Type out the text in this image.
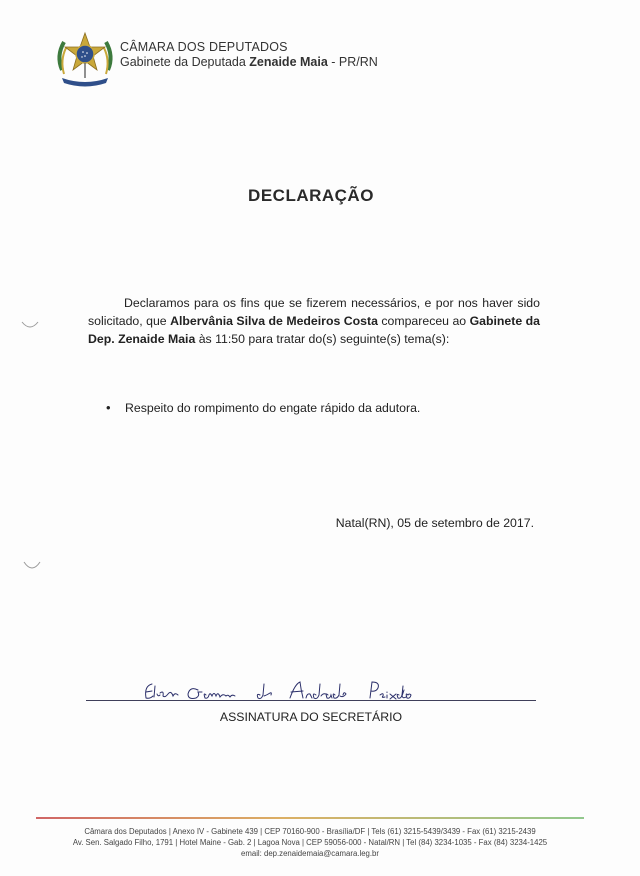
CÂMARA DOS DEPUTADOS
Gabinete da Deputada Zenaide Maia - PR/RN
DECLARAÇÃO

Declaramos para os fins que se fizerem necessários, e por nos haver sido solicitado, que Albervânia Silva de Medeiros Costa compareceu ao Gabinete da Dep. Zenaide Maia às 11:50 para tratar do(s) seguinte(s) tema(s):

• Respeito do rompimento do engate rápido da adutora.
Natal(RN), 05 de setembro de 2017.
ASSINATURA DO SECRETÁRIO
Câmara dos Deputados | Anexo IV - Gabinete 439 | CEP 70160-900 - Brasília/DF | Tels (61) 3215-5439/3439 - Fax (61) 3215-2439
Av. Sen. Salgado Filho, 1791 | Hotel Maine - Gab. 2 | Lagoa Nova | CEP 59056-000 - Natal/RN | Tel (84) 3234-1035 - Fax (84) 3234-1425
email: dep.zenaidemaia@camara.leg.br
